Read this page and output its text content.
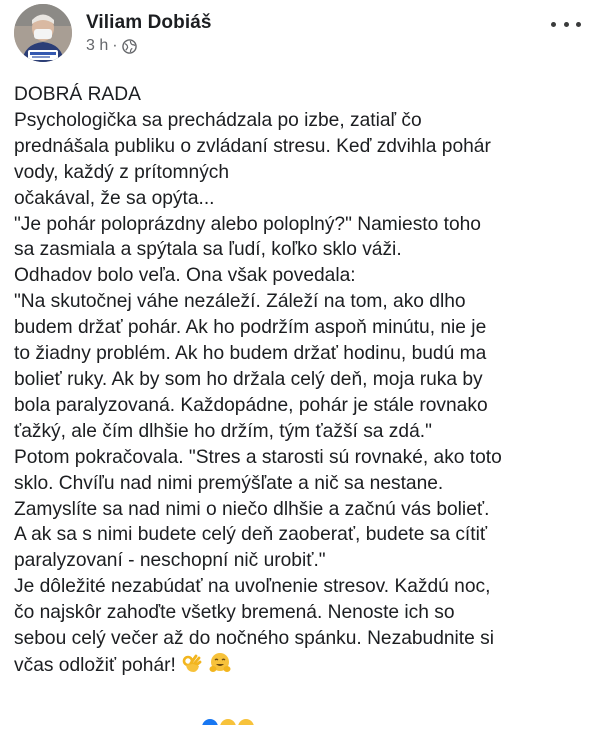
Viliam Dobiáš
3 h ·

DOBRÁ RADA

Psychologička sa prechádzala po izbe, zatiaľ čo

prednášala publiku o zvládaní stresu. Keď zdvihla pohár

vody, každý z prítomných

očakával, že sa opýta...

"Je pohár poloprázdny alebo poloplný?" Namiesto toho

sa zasmiala a spýtala sa ľudí, koľko sklo váži.

Odhadov bolo veľa. Ona však povedala:

"Na skutočnej váhe nezáleží. Záleží na tom, ako dlho

budem držať pohár. Ak ho podržím aspoň minútu, nie je

to žiadny problém. Ak ho budem držať hodinu, budú ma

bolieť ruky. Ak by som ho držala celý deň, moja ruka by

bola paralyzovaná. Každopádne, pohár je stále rovnako

ťažký, ale čím dlhšie ho držím, tým ťažší sa zdá."

Potom pokračovala. "Stres a starosti sú rovnaké, ako toto

sklo. Chvíľu nad nimi premýšľate a nič sa nestane.

Zamyslíte sa nad nimi o niečo dlhšie a začnú vás bolieť.

A ak sa s nimi budete celý deň zaoberať, budete sa cítiť

paralyzovaní - neschopní nič urobiť."

Je dôležité nezabúdať na uvoľnenie stresov. Každú noc,

čo najskôr zahoďte všetky bremená. Nenoste ich so

sebou celý večer až do nočného spánku. Nezabudnite si

včas odložiť pohár!
